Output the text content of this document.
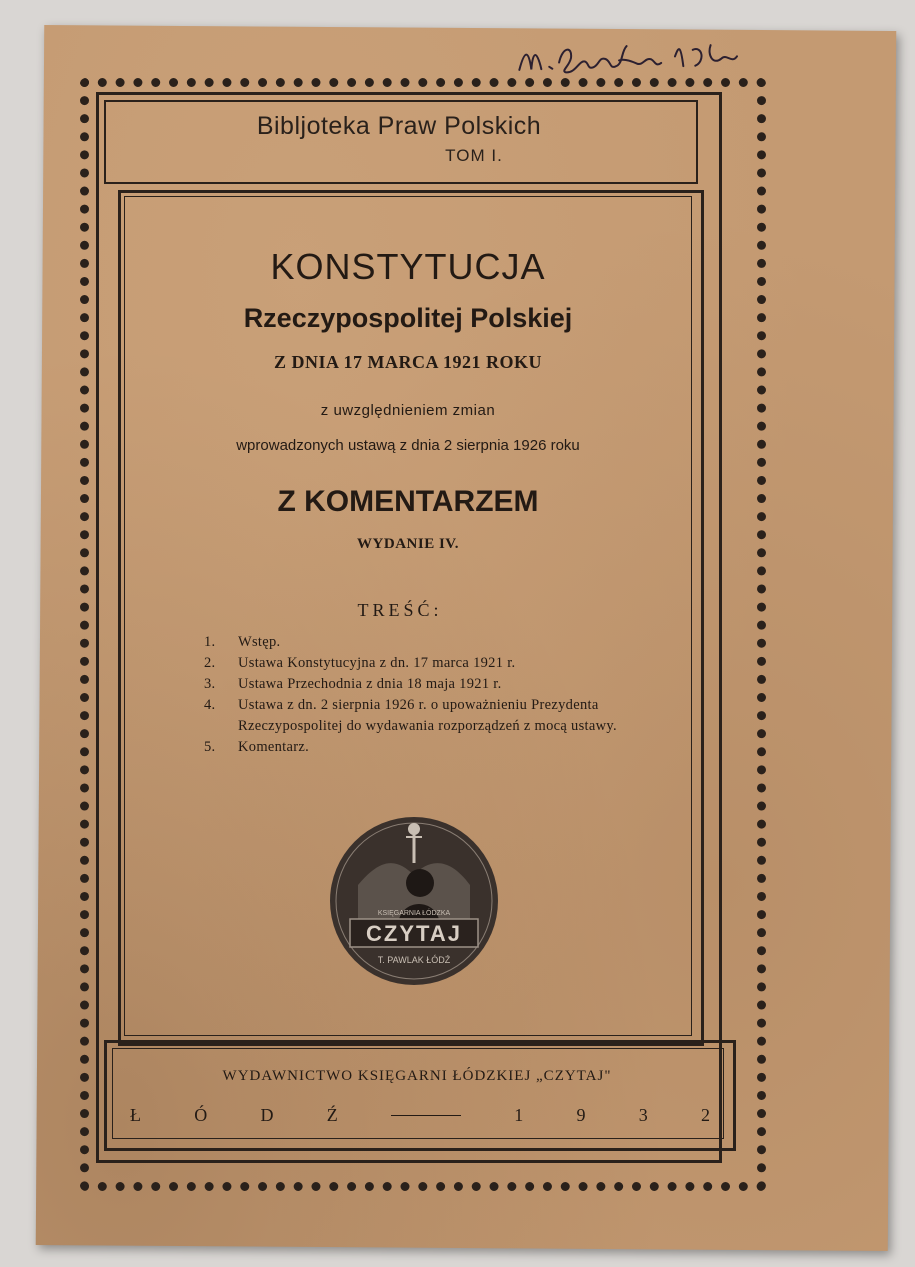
Bibljoteka Praw Polskich
TOM I.
KONSTYTUCJA
Rzeczypospolitej Polskiej
Z DNIA 17 MARCA 1921 ROKU
z uwzględnieniem zmian
wprowadzonych ustawą z dnia 2 sierpnia 1926 roku
Z KOMENTARZEM
WYDANIE IV.
TREŚĆ:
1. Wstęp.
2. Ustawa Konstytucyjna z dn. 17 marca 1921 r.
3. Ustawa Przechodnia z dnia 18 maja 1921 r.
4. Ustawa z dn. 2 sierpnia 1926 r. o upoważnieniu Prezydenta Rzeczypospolitej do wydawania rozporządzeń z mocą ustawy.
5. Komentarz.
KSIĘGARNIA ŁÓDZKA
CZYTAJ
T. PAWLAK ŁÓDŹ
WYDAWNICTWO KSIĘGARNI ŁÓDZKIEJ „CZYTAJ"
Ł	Ó	D	Ź	1	9	3	2
